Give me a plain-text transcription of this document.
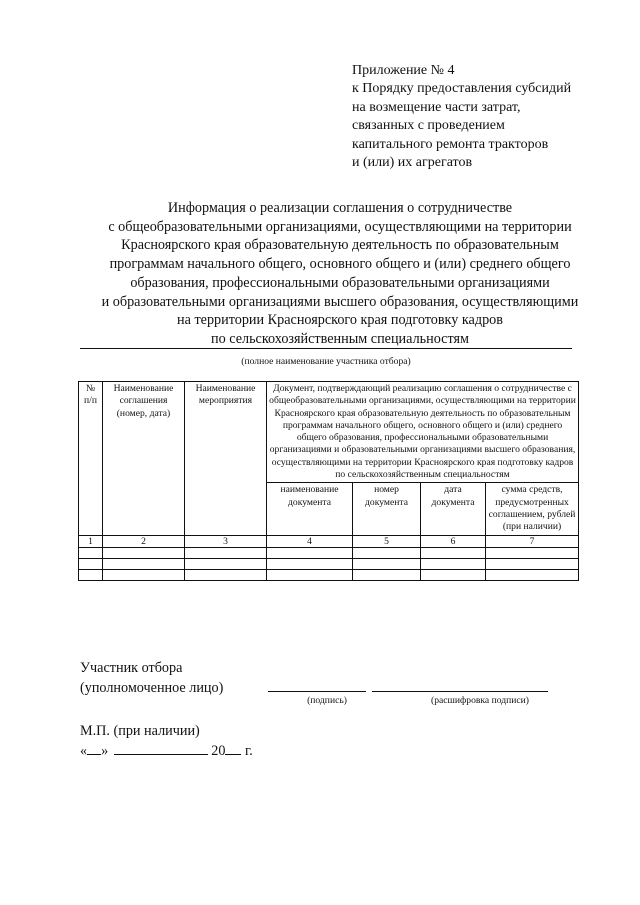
Приложение № 4
к Порядку предоставления субсидий
на возмещение части затрат,
связанных с проведением
капитального ремонта тракторов
и (или) их агрегатов
Информация о реализации соглашения о сотрудничестве
с общеобразовательными организациями, осуществляющими на территории
Красноярского края образовательную деятельность по образовательным
программам начального общего, основного общего и (или) среднего общего
образования, профессиональными образовательными организациями
и образовательными организациями высшего образования, осуществляющими
на территории Красноярского края подготовку кадров
по сельскохозяйственным специальностям
(полное наименование участника отбора)
№ п/п	Наименование соглашения (номер, дата)	Наименование мероприятия	Документ, подтверждающий реализацию соглашения о сотрудничестве с общеобразовательными организациями, осуществляющими на территории Красноярского края образовательную деятельность по образовательным программам начального общего, основного общего и (или) среднего общего образования, профессиональными образовательными организациями и образовательными организациями высшего образования, осуществляющими на территории Красноярского края подготовку кадров по сельскохозяйственным специальностям			
			наименование документа	номер документа	дата документа	сумма средств, предусмотренных соглашением, рублей (при наличии)
1	2	3	4	5	6	7

Участник отбора
(уполномоченное лицо)
(подпись)	(расшифровка подписи)
М.П. (при наличии)
« »	20 г.
